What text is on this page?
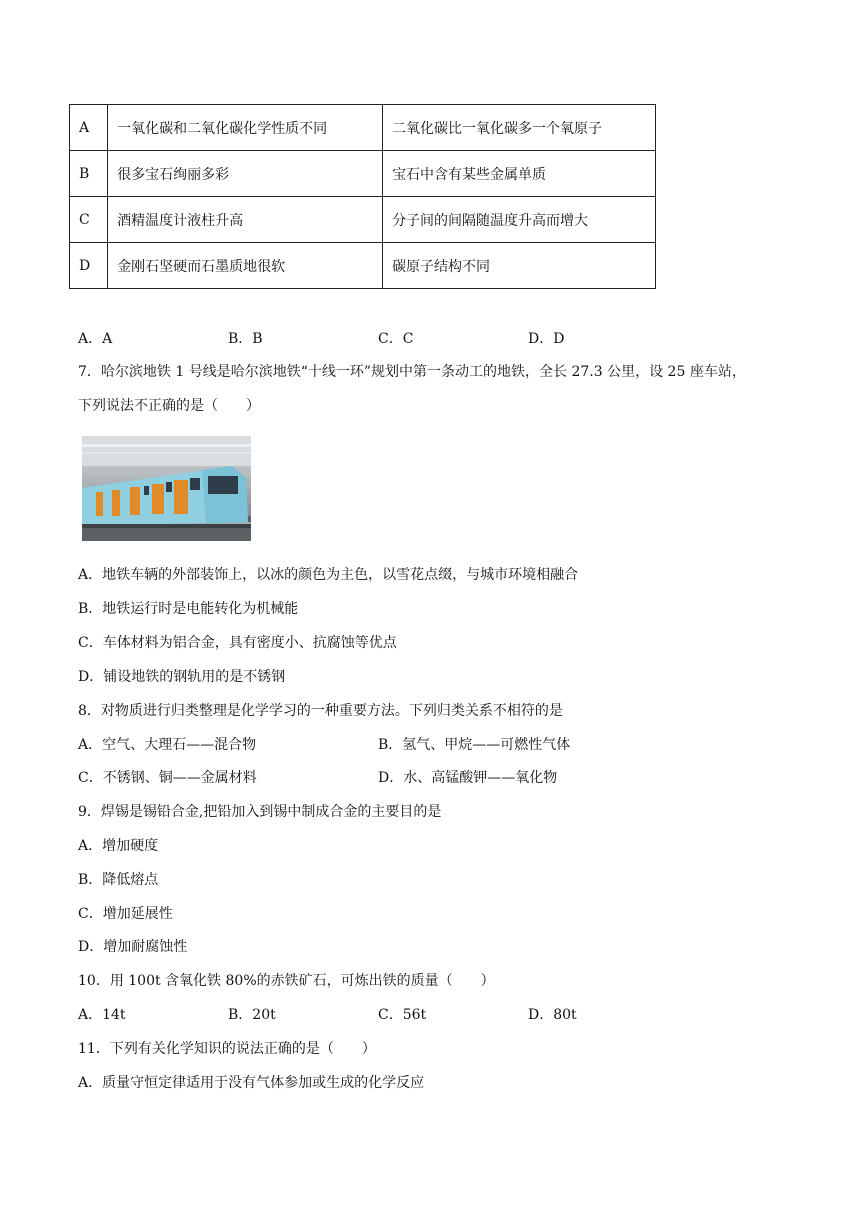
A	一氧化碳和二氧化碳化学性质不同	二氧化碳比一氧化碳多一个氧原子
B	很多宝石绚丽多彩	宝石中含有某些金属单质
C	酒精温度计液柱升高	分子间的间隔随温度升高而增大
D	金刚石坚硬而石墨质地很软	碳原子结构不同
A．A	B．B	C．C	D．D
7．哈尔滨地铁 1 号线是哈尔滨地铁“十线一环”规划中第一条动工的地铁，全长 27.3 公里，设 25 座车站，
下列说法不正确的是（　　）
A．地铁车辆的外部装饰上，以冰的颜色为主色，以雪花点缀，与城市环境相融合
B．地铁运行时是电能转化为机械能
C．车体材料为铝合金，具有密度小、抗腐蚀等优点
D．铺设地铁的钢轨用的是不锈钢
8．对物质进行归类整理是化学学习的一种重要方法。下列归类关系不相符的是
A．空气、大理石——混合物	B．氢气、甲烷——可燃性气体
C．不锈钢、铜——金属材料	D．水、高锰酸钾——氧化物
9．焊锡是锡铅合金,把铅加入到锡中制成合金的主要目的是
A．增加硬度
B．降低熔点
C．增加延展性
D．增加耐腐蚀性
10．用 100t 含氧化铁 80%的赤铁矿石，可炼出铁的质量（　　）
A．14t	B．20t	C．56t	D．80t
11．下列有关化学知识的说法正确的是（　　）
A．质量守恒定律适用于没有气体参加或生成的化学反应
